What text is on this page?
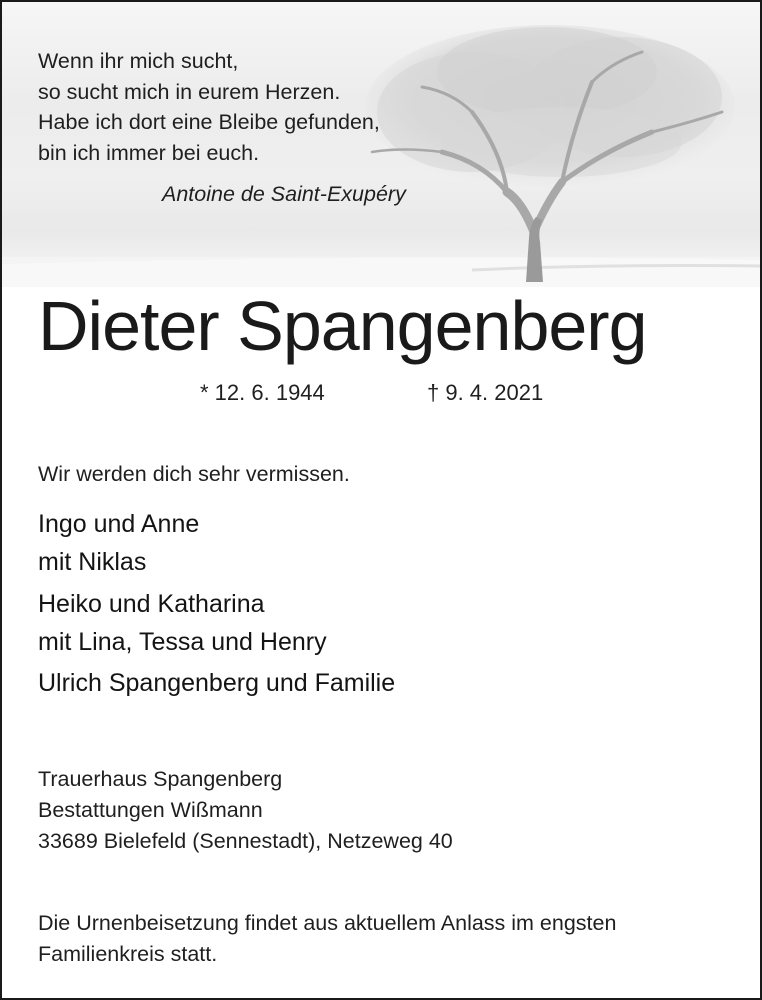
Wenn ihr mich sucht,
so sucht mich in eurem Herzen.
Habe ich dort eine Bleibe gefunden,
bin ich immer bei euch.
Antoine de Saint-Exupéry
Dieter Spangenberg
* 12. 6. 1944	† 9. 4. 2021
Wir werden dich sehr vermissen.
Ingo und Anne
mit Niklas
Heiko und Katharina
mit Lina, Tessa und Henry
Ulrich Spangenberg und Familie
Trauerhaus Spangenberg
Bestattungen Wißmann
33689 Bielefeld (Sennestadt), Netzeweg 40
Die Urnenbeisetzung findet aus aktuellem Anlass im engsten
Familienkreis statt.
